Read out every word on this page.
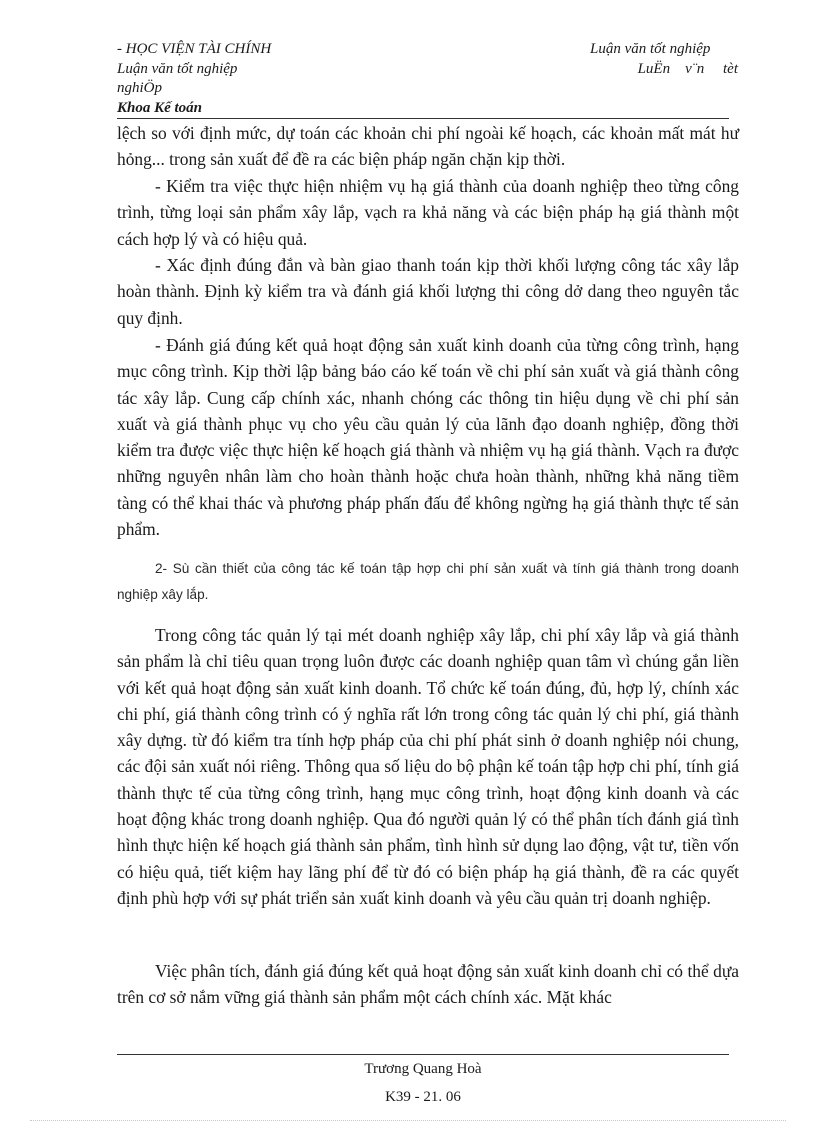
- HỌC VIỆN TÀI CHÍNH	Luận văn tốt nghiệp
Luận văn tốt nghiệp	LuËn    v¨n     tèt
nghiÖp
Khoa Kế toán

lệch so với định mức, dự toán các khoản chi phí ngoài kế hoạch, các khoản mất mát hư hỏng... trong sản xuất để đề ra các biện pháp ngăn chặn kịp thời.

- Kiểm tra việc thực hiện nhiệm vụ hạ giá thành của doanh nghiệp theo từng công trình, từng loại sản phẩm xây lắp, vạch ra khả năng và các biện pháp hạ giá thành một cách hợp lý và có hiệu quả.

- Xác định đúng đắn và bàn giao thanh toán kịp thời khối lượng công tác xây lắp hoàn thành. Định kỳ kiểm tra và đánh giá khối lượng thi công dở dang theo nguyên tắc quy định.

- Đánh giá đúng kết quả hoạt động sản xuất kinh doanh của từng công trình, hạng mục công trình. Kịp thời lập bảng báo cáo kế toán về chi phí sản xuất và giá thành công tác xây lắp. Cung cấp chính xác, nhanh chóng các thông tin hiệu dụng về chi phí sản xuất và giá thành phục vụ cho yêu cầu quản lý của lãnh đạo doanh nghiệp, đồng thời kiểm tra được việc thực hiện kế hoạch giá thành và nhiệm vụ hạ giá thành. Vạch ra được những nguyên nhân làm cho hoàn thành hoặc chưa hoàn thành, những khả năng tiềm tàng có thể khai thác và phương pháp phấn đấu để không ngừng hạ giá thành thực tế sản phẩm.

2- Sù cần thiết của công tác kế toán tập hợp chi phí sản xuất và tính giá thành trong doanh nghiệp xây lắp.

Trong công tác quản lý tại mét doanh nghiệp xây lắp, chi phí xây lắp và giá thành sản phẩm là chỉ tiêu quan trọng luôn được các doanh nghiệp quan tâm vì chúng gắn liền với kết quả hoạt động sản xuất kinh doanh. Tổ chức kế toán đúng, đủ, hợp lý, chính xác chi phí, giá thành công trình có ý nghĩa rất lớn trong công tác quản lý chi phí, giá thành xây dựng. từ đó kiểm tra tính hợp pháp của chi phí phát sinh ở doanh nghiệp nói chung, các đội sản xuất nói riêng. Thông qua số liệu do bộ phận kế toán tập hợp chi phí, tính giá thành thực tế của từng công trình, hạng mục công trình, hoạt động kinh doanh và các hoạt động khác trong doanh nghiệp. Qua đó người quản lý có thể phân tích đánh giá tình hình thực hiện kế hoạch giá thành sản phẩm, tình hình sử dụng lao động, vật tư, tiền vốn có hiệu quả, tiết kiệm hay lãng phí để từ đó có biện pháp hạ giá thành, đề ra các quyết định phù hợp với sự phát triển sản xuất kinh doanh và yêu cầu quản trị doanh nghiệp.

Việc phân tích, đánh giá đúng kết quả hoạt động sản xuất kinh doanh chỉ có thể dựa trên cơ sở nắm vững giá thành sản phẩm một cách chính xác. Mặt khác

Trương Quang Hoà
K39 - 21. 06
